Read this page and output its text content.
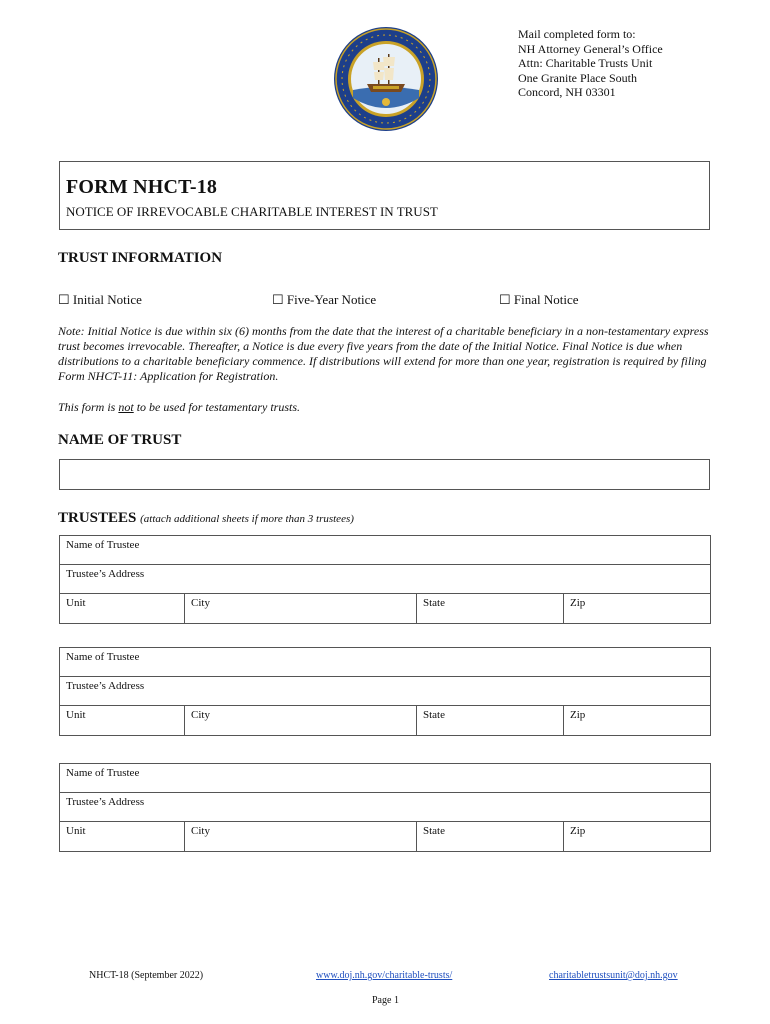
Mail completed form to:
NH Attorney General’s Office
Attn: Charitable Trusts Unit
One Granite Place South
Concord, NH 03301
FORM NHCT-18
NOTICE OF IRREVOCABLE CHARITABLE INTEREST IN TRUST
TRUST INFORMATION
☐ Initial Notice	☐ Five-Year Notice	☐ Final Notice
Note: Initial Notice is due within six (6) months from the date that the interest of a charitable beneficiary in a non-testamentary express trust becomes irrevocable. Thereafter, a Notice is due every five years from the date of the Initial Notice. Final Notice is due when distributions to a charitable beneficiary commence. If distributions will extend for more than one year, registration is required by filing Form NHCT-11: Application for Registration.
This form is not to be used for testamentary trusts.
NAME OF TRUST
TRUSTEES (attach additional sheets if more than 3 trustees)
Name of Trustee
Trustee’s Address
Unit	City	State	Zip
Name of Trustee
Trustee’s Address
Unit	City	State	Zip
Name of Trustee
Trustee’s Address
Unit	City	State	Zip
NHCT-18 (September 2022)	www.doj.nh.gov/charitable-trusts/	charitabletrustsunit@doj.nh.gov
Page 1
